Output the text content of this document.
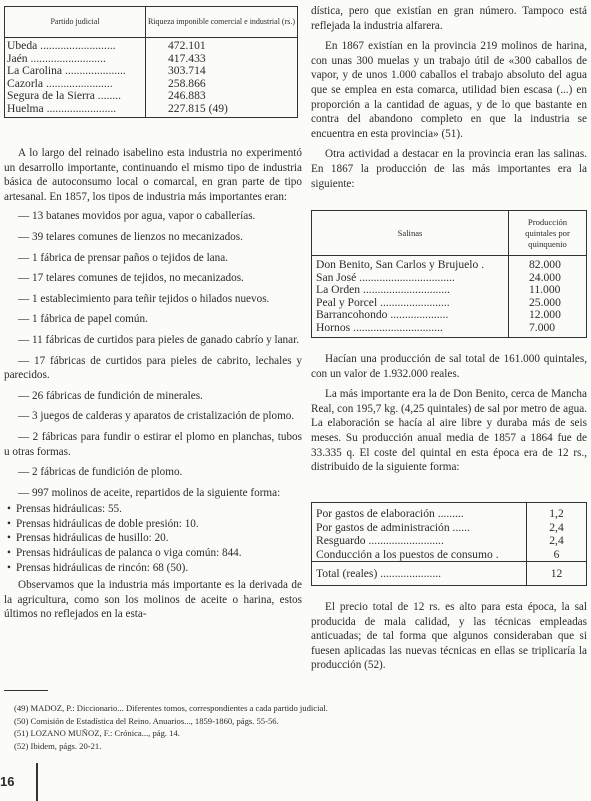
Partido judicial	Riqueza imponible comercial e industrial (rs.)
Ubeda ..........................	472.101
Jaén ..........................	417.433
La Carolina .....................	303.714
Cazorla .......................	258.866
Segura de la Sierra ........	246.883
Huelma ........................	227.815 (49)

A lo largo del reinado isabelino esta industria no experimentó un desarrollo importante, continuando el mismo tipo de industria básica de autoconsumo local o comarcal, en gran parte de tipo artesanal. En 1857, los tipos de industria más importantes eran:

— 13 batanes movidos por agua, vapor o caballerías.

— 39 telares comunes de lienzos no mecanizados.

— 1 fábrica de prensar paños o tejidos de lana.

— 17 telares comunes de tejidos, no mecanizados.

— 1 establecimiento para teñir tejidos o hilados nuevos.

— 1 fábrica de papel común.

— 11 fábricas de curtidos para pieles de ganado cabrío y lanar.

— 17 fábricas de curtidos para pieles de cabrito, lechales y parecidos.

— 26 fábricas de fundición de minerales.

— 3 juegos de calderas y aparatos de cristalización de plomo.

— 2 fábricas para fundir o estirar el plomo en planchas, tubos u otras formas.

— 2 fábricas de fundición de plomo.

— 997 molinos de aceite, repartidos de la siguiente forma:

• Prensas hidráulicas: 55.
• Prensas hidráulicas de doble presión: 10.
• Prensas hidráulicas de husillo: 20.
• Prensas hidráulicas de palanca o viga común: 844.
• Prensas hidráulicas de rincón: 68 (50).

Observamos que la industria más importante es la derivada de la agricultura, como son los molinos de aceite o harina, estos últimos no reflejados en la esta-

dística, pero que existían en gran número. Tampoco está reflejada la industria alfarera.

En 1867 existían en la provincia 219 molinos de harina, con unas 300 muelas y un trabajo útil de «300 caballos de vapor, y de unos 1.000 caballos el trabajo absoluto del agua que se emplea en esta comarca, utilidad bien escasa (...) en proporción a la cantidad de aguas, y de lo que bastante en contra del abandono completo en que la industria se encuentra en esta provincia» (51).

Otra actividad a destacar en la provincia eran las salinas. En 1867 la producción de las más importantes era la siguiente:

Salinas	Producción quintales por quinquenio
Don Benito, San Carlos y Brujuelo .	82.000
San José .................................	24.000
La Orden ..............................	11.000
Peal y Porcel ........................	25.000
Barrancohondo ....................	12.000
Hornos ...............................	7.000

Hacían una producción de sal total de 161.000 quintales, con un valor de 1.932.000 reales.

La más importante era la de Don Benito, cerca de Mancha Real, con 195,7 kg. (4,25 quintales) de sal por metro de agua. La elaboración se hacía al aire libre y duraba más de seis meses. Su producción anual media de 1857 a 1864 fue de 33.335 q. El coste del quintal en esta época era de 12 rs., distribuido de la siguiente forma:

Por gastos de elaboración .........	1,2
Por gastos de administración ......	2,4
Resguardo ..........................	2,4
Conducción a los puestos de consumo .	6
Total (reales) .....................	12

El precio total de 12 rs. es alto para esta época, la sal producida de mala calidad, y las técnicas empleadas anticuadas; de tal forma que algunos consideraban que si fuesen aplicadas las nuevas técnicas en ellas se triplicaría la producción (52).

(49) MADOZ, P.: Diccionario... Diferentes tomos, correspondientes a cada partido judicial.

(50) Comisión de Estadística del Reino. Anuarios..., 1859-1860, págs. 55-56.

(51) LOZANO MUÑOZ, F.: Crónica..., pág. 14.

(52) Ibidem, págs. 20-21.

16
